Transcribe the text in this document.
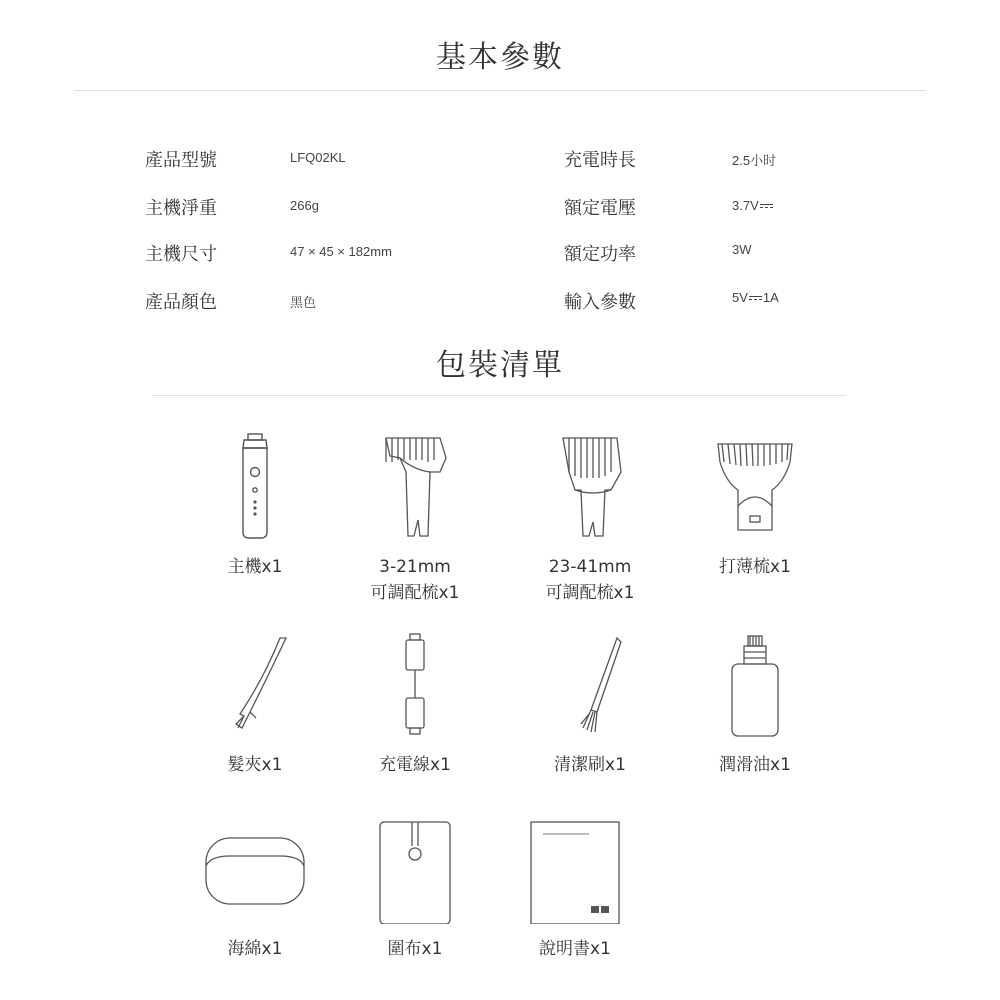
基本參數
產品型號	LFQ02KL	充電時長	2.5小时
主機淨重	266g	額定電壓	3.7V
主機尺寸	47 × 45 × 182mm	額定功率	3W
產品顏色	黑色	輸入參數	5V 1A
包裝清單
主機x1	3-21mm
可調配梳x1
23-41mm
可調配梳x1
打薄梳x1
髮夾x1	充電線x1	清潔刷x1	潤滑油x1
海綿x1	圍布x1	說明書x1
